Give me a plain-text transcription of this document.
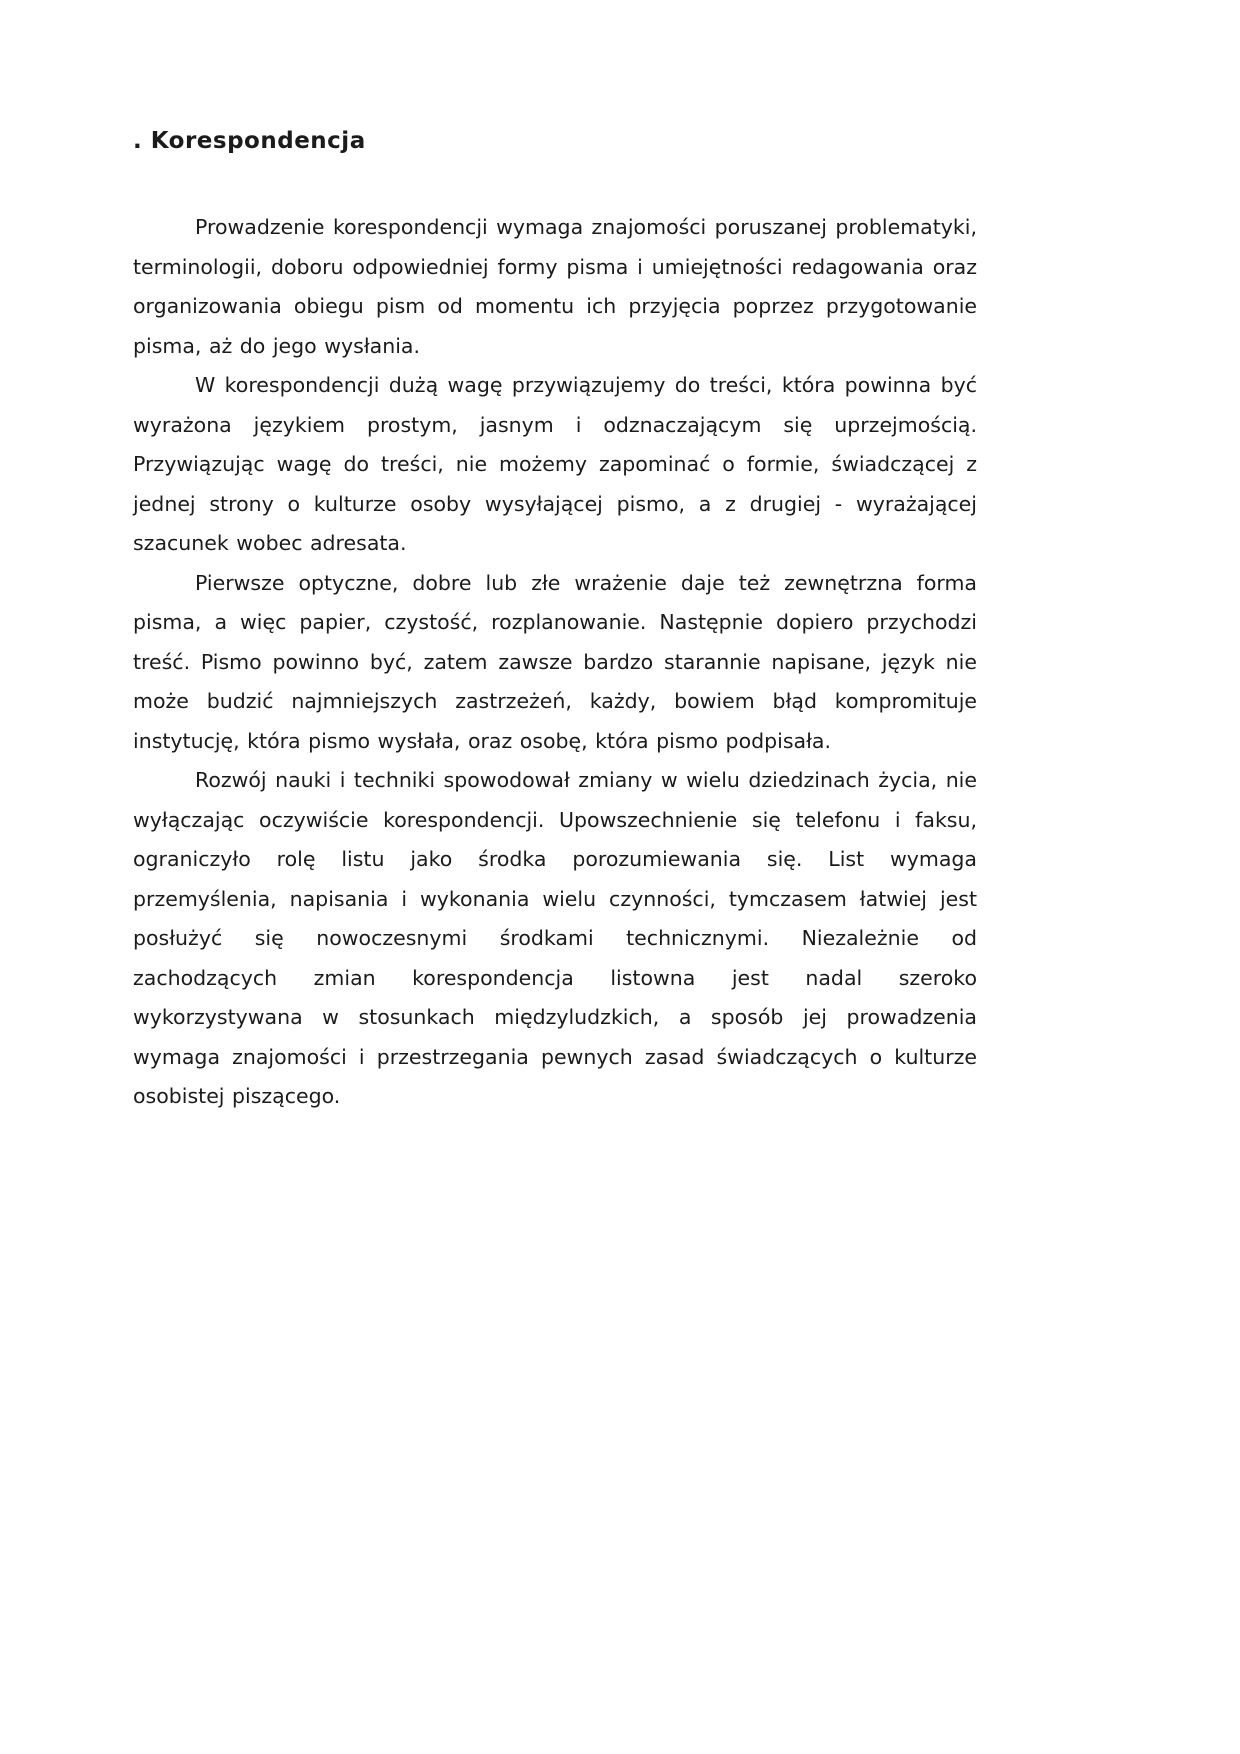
. Korespondencja

Prowadzenie korespondencji wymaga znajomości poruszanej problematyki, terminologii, doboru odpowiedniej formy pisma i umiejętności redagowania oraz organizowania obiegu pism od momentu ich przyjęcia poprzez przygotowanie pisma, aż do jego wysłania.

W korespondencji dużą wagę przywiązujemy do treści, która powinna być wyrażona językiem prostym, jasnym i odznaczającym się uprzejmością. Przywiązując wagę do treści, nie możemy zapominać o formie, świadczącej z jednej strony o kulturze osoby wysyłającej pismo, a z drugiej - wyrażającej szacunek wobec adresata.

Pierwsze optyczne, dobre lub złe wrażenie daje też zewnętrzna forma pisma, a więc papier, czystość, rozplanowanie. Następnie dopiero przychodzi treść. Pismo powinno być, zatem zawsze bardzo starannie napisane, język nie może budzić najmniejszych zastrzeżeń, każdy, bowiem błąd kompromituje instytucję, która pismo wysłała, oraz osobę, która pismo podpisała.

Rozwój nauki i techniki spowodował zmiany w wielu dziedzinach życia, nie wyłączając oczywiście korespondencji. Upowszechnienie się telefonu i faksu, ograniczyło rolę listu jako środka porozumiewania się. List wymaga przemyślenia, napisania i wykonania wielu czynności, tymczasem łatwiej jest posłużyć się nowoczesnymi środkami technicznymi. Niezależnie od zachodzących zmian korespondencja listowna jest nadal szeroko wykorzystywana w stosunkach międzyludzkich, a sposób jej prowadzenia wymaga znajomości i przestrzegania pewnych zasad świadczących o kulturze osobistej piszącego.
